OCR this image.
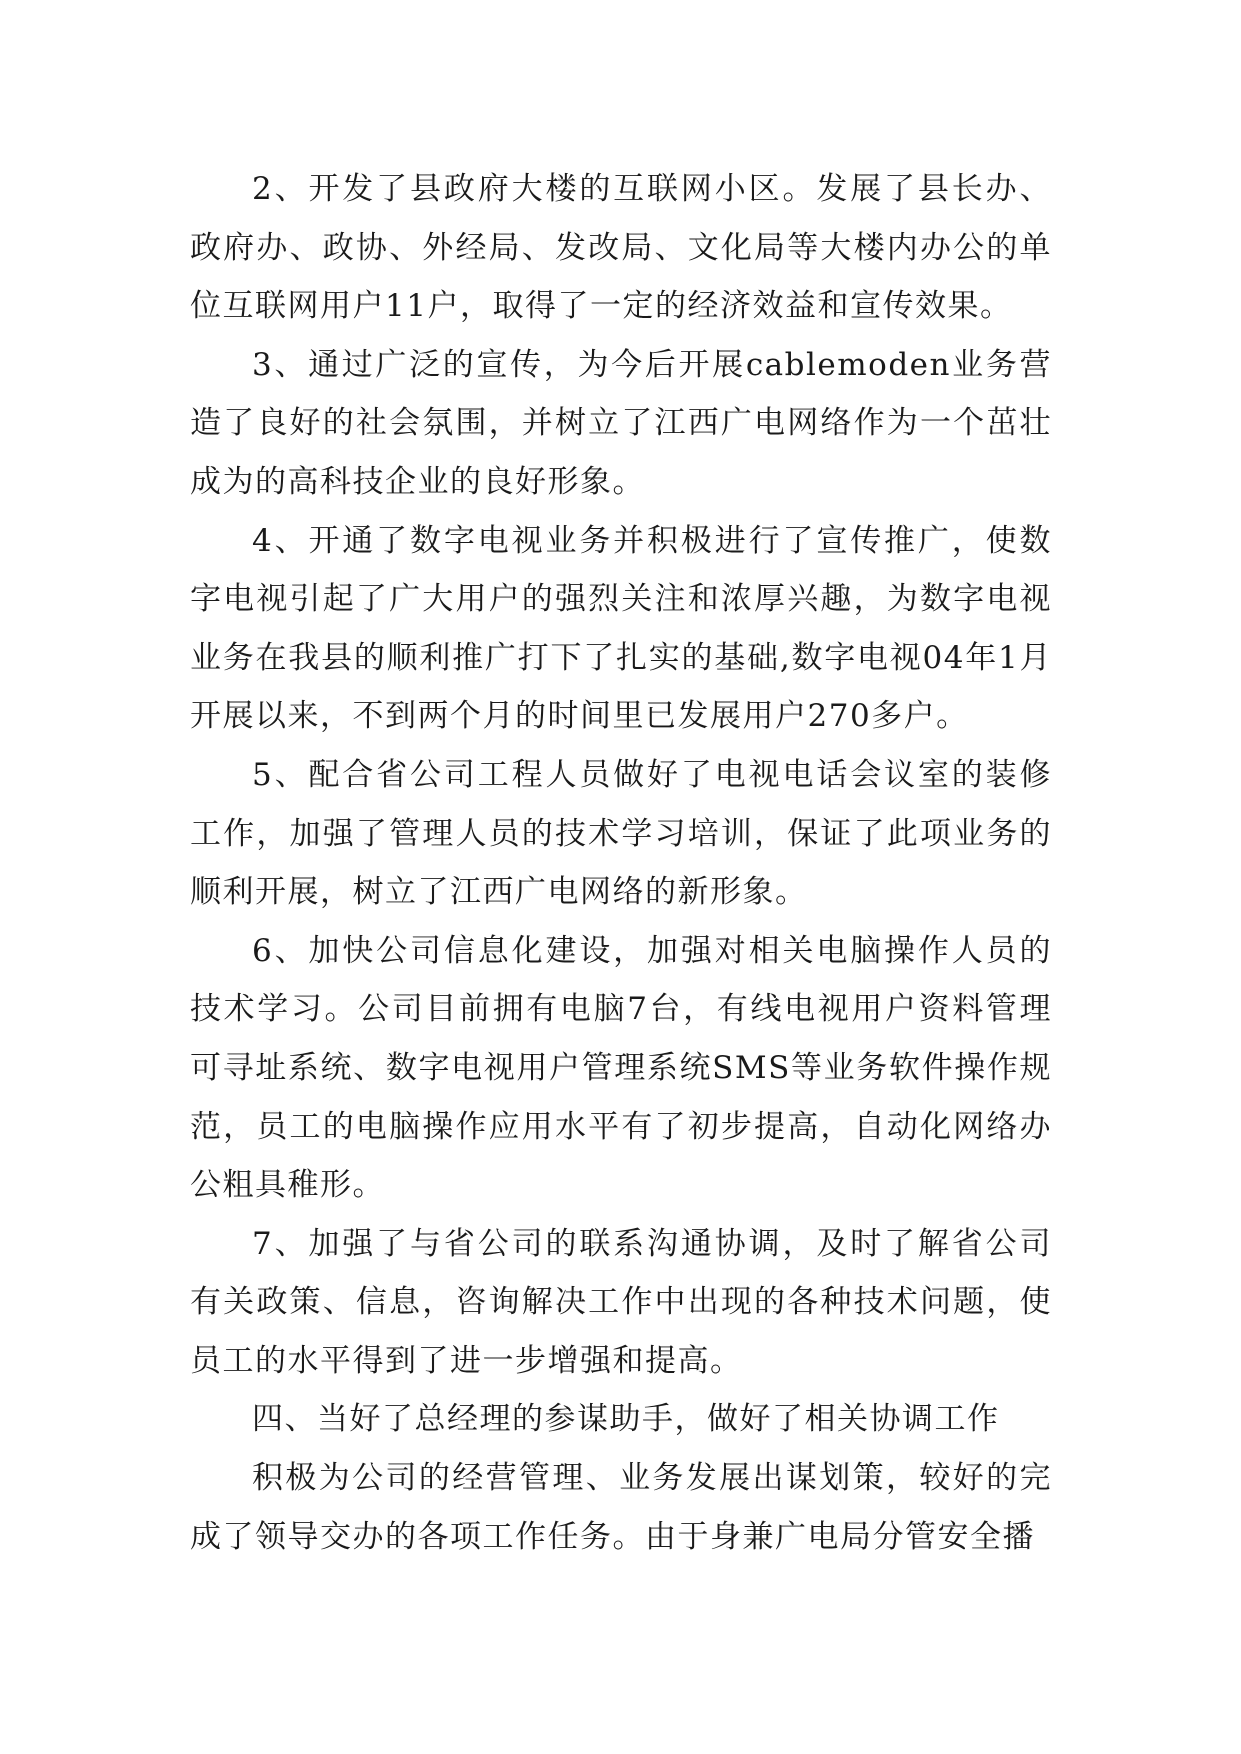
2、开发了县政府大楼的互联网小区。发展了县长办、政府办、政协、外经局、发改局、文化局等大楼内办公的单位互联网用户11户，取得了一定的经济效益和宣传效果。

3、通过广泛的宣传，为今后开展cablemoden业务营造了良好的社会氛围，并树立了江西广电网络作为一个茁壮成为的高科技企业的良好形象。

4、开通了数字电视业务并积极进行了宣传推广，使数字电视引起了广大用户的强烈关注和浓厚兴趣，为数字电视业务在我县的顺利推广打下了扎实的基础,数字电视04年1月开展以来，不到两个月的时间里已发展用户270多户。

5、配合省公司工程人员做好了电视电话会议室的装修工作，加强了管理人员的技术学习培训，保证了此项业务的顺利开展，树立了江西广电网络的新形象。

6、加快公司信息化建设，加强对相关电脑操作人员的技术学习。公司目前拥有电脑7台，有线电视用户资料管理可寻址系统、数字电视用户管理系统SMS等业务软件操作规范，员工的电脑操作应用水平有了初步提高，自动化网络办公粗具稚形。

7、加强了与省公司的联系沟通协调，及时了解省公司有关政策、信息，咨询解决工作中出现的各种技术问题，使员工的水平得到了进一步增强和提高。

四、当好了总经理的参谋助手，做好了相关协调工作

积极为公司的经营管理、业务发展出谋划策，较好的完成了领导交办的各项工作任务。由于身兼广电局分管安全播
